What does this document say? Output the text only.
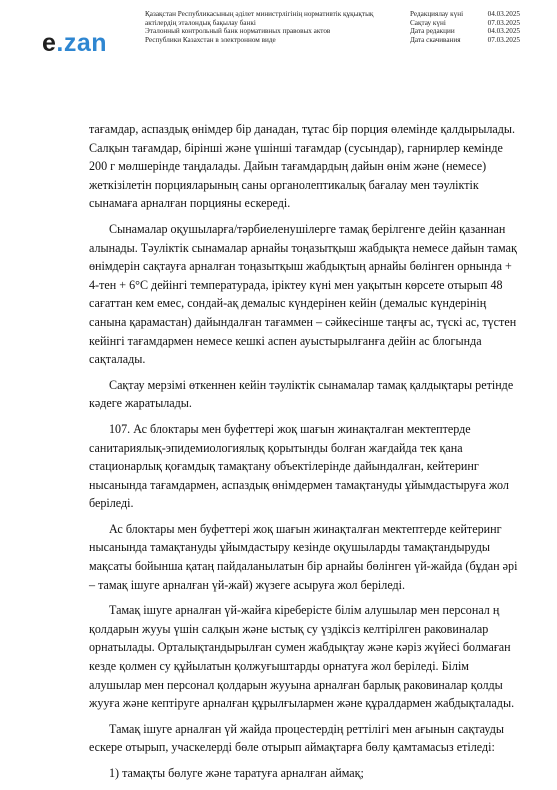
e.zan
Қазақстан Республикасының әділет министрлігінің нормативтік құқықтық
актілердің эталондық бақылау банкі
Эталонный контрольный банк нормативных правовых актов
Республики Казахстан в электронном виде
Редакциялау күні	04.03.2025
Сақтау күні	07.03.2025
Дата редакции	04.03.2025
Дата скачивания	07.03.2025

тағамдар, аспаздық өнімдер бір данадан, тұтас бір порция өлемінде қалдырылады. Салқын тағамдар, бірінші және үшінші тағамдар (сусындар), гарнирлер кемінде 200 г мөлшерінде таңдалады. Дайын тағамдардың дайын өнім және (немесе) жеткізілетін порцияларының саны органолептикалық бағалау мен тәуліктік сынамаға арналған порцияны ескереді.

Сынамалар оқушыларға/тәрбиеленушілерге тамақ берілгенге дейін қазаннан алынады. Тәуліктік сынамалар арнайы тоңазытқыш жабдықта немесе дайын тамақ өнімдерін сақтауға арналған тоңазытқыш жабдықтың арнайы бөлінген орнында + 4-тен + 6°С дейінгі температурада, іріктеу күні мен уақытын көрсете отырып 48 сағаттан кем емес, сондай-ақ демалыс күндерінен кейін (демалыс күндерінің санына қарамастан) дайындалған тағаммен – сәйкесінше таңғы ас, түскі ас, түстен кейінгі тағамдармен немесе кешкі аспен ауыстырылғанға дейін ас блогында сақталады.

Сақтау мерзімі өткеннен кейін тәуліктік сынамалар тамақ қалдықтары ретінде кәдеге жаратылады.

107. Ас блоктары мен буфеттері жоқ шағын жинақталған мектептерде санитариялық-эпидемиологиялық қорытынды болған жағдайда тек қана стационарлық қоғамдық тамақтану объектілерінде дайындалған, кейтеринг нысанында тағамдармен, аспаздық өнімдермен тамақтануды ұйымдастыруға жол беріледі.

Ас блоктары мен буфеттері жоқ шағын жинақталған мектептерде кейтеринг нысанында тамақтануды ұйымдастыру кезінде оқушыларды тамақтандыруды мақсаты бойынша қатаң пайдаланылатын бір арнайы бөлінген үй-жайда (бұдан әрі – тамақ ішуге арналған үй-жай) жүзеге асыруға жол беріледі.

Тамақ ішуге арналған үй-жайға кіреберісте білім алушылар мен персонал ң қолдарын жууы үшін салқын және ыстық су үздіксіз келтірілген раковиналар орнатылады. Орталықтандырылған сумен жабдықтау және кәріз жүйесі болмаған кезде қолмен су құйылатын қолжуғыштарды орнатуға жол беріледі. Білім алушылар мен персонал қолдарын жууына арналған барлық раковиналар қолды жууға және кептіруге арналған құрылғылармен және құралдармен жабдықталады.

Тамақ ішуге арналған үй жайда процестердің реттілігі мен ағынын сақтауды ескере отырып, учаскелерді бөле отырып аймақтарға бөлу қамтамасыз етіледі:

1) тамақты бөлуге және таратуға арналған аймақ;
